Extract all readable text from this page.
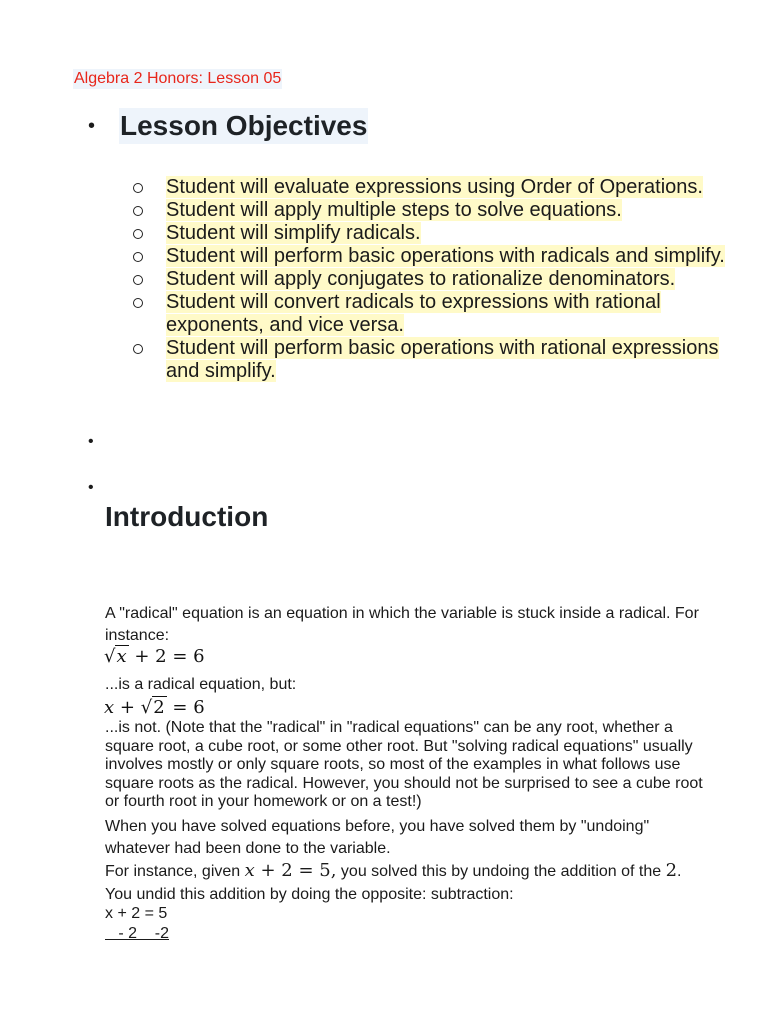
Algebra 2 Honors: Lesson 05
• Lesson Objectives
Student will evaluate expressions using Order of Operations.
Student will apply multiple steps to solve equations.
Student will simplify radicals.
Student will perform basic operations with radicals and simplify.
Student will apply conjugates to rationalize denominators.
Student will convert radicals to expressions with rational exponents, and vice versa.
Student will perform basic operations with rational expressions and simplify.
•
•
Introduction
A "radical" equation is an equation in which the variable is stuck inside a radical. For instance:
√x + 2 = 6
...is a radical equation, but:
x + √2 = 6
...is not. (Note that the "radical" in "radical equations" can be any root, whether a square root, a cube root, or some other root. But "solving radical equations" usually involves mostly or only square roots, so most of the examples in what follows use square roots as the radical. However, you should not be surprised to see a cube root or fourth root in your homework or on a test!)
When you have solved equations before, you have solved them by "undoing" whatever had been done to the variable.
For instance, given x + 2 = 5, you solved this by undoing the addition of the 2.
You undid this addition by doing the opposite: subtraction:
x + 2 = 5
- 2    -2
